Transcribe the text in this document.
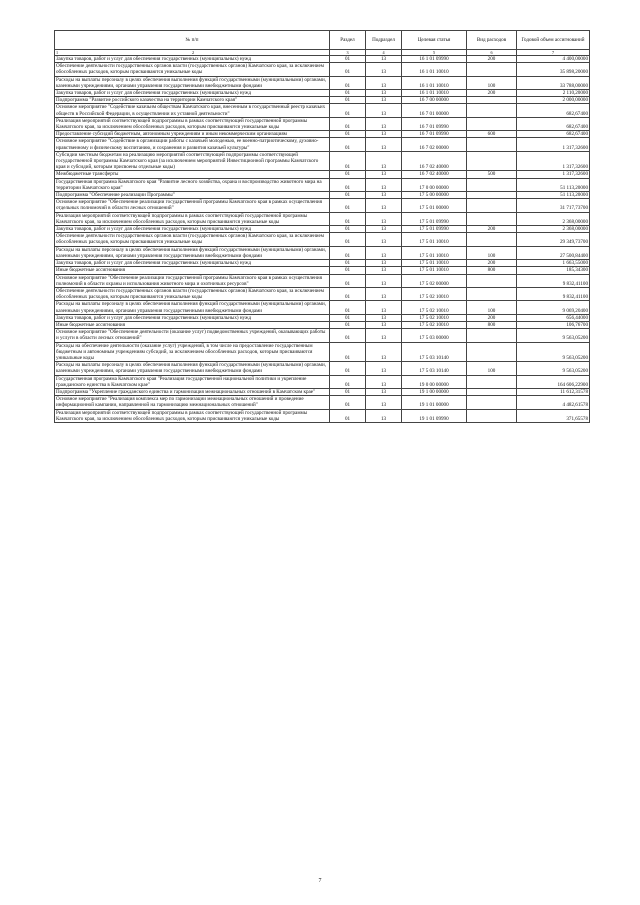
№ п/п	Раздел	Подраздел	Целевая статья	Вид расходов	Годовой объем ассигнований

1 2	3	4	5	6	7
Закупка товаров, работ и услуг для обеспечения государственных (муниципальных) нужд	01	13	16 1 01 09990	200	4 400,00000
Обеспечение деятельности государственных органов власти (государственных органов) Камчатского края, за исключением обособленных расходов, которым присваиваются уникальные коды	01	13	16 1 01 10010		35 898,20000
Расходы на выплаты персоналу в целях обеспечения выполнения функций государственными (муниципальными) органами, казенными учреждениями, органами управления государственными внебюджетными фондами	01	13	16 1 01 10010	100	33 788,00000
Закупка товаров, работ и услуг для обеспечения государственных (муниципальных) нужд	01	13	16 1 01 10010	200	2 110,20000
Подпрограмма "Развитие российского казачества на территории Камчатского края"	01	13	16 7 00 00000		2 000,00000
Основное мероприятие "Содействие казачьим обществам Камчатского края, внесенным в государственный реестр казачьих обществ в Российской Федерации, в осуществлении их уставной деятельности"	01	13	16 7 01 00000		682,67400
Реализация мероприятий соответствующей подпрограммы в рамках соответствующей государственной программы Камчатского края, за исключением обособленных расходов, которым присваиваются уникальные коды	01	13	16 7 01 09990		682,67400
Предоставление субсидий бюджетным, автономным учреждениям и иным некоммерческим организациям	01	13	16 7 01 09990	600	682,67400
Основное мероприятие "Содействие в организации работы с казачьей молодежью, ее военно-патриотическому, духовно-нравственному и физическому воспитанию, и сохранения и развития казачьей культуры"	01	13	16 7 02 00000		1 317,32600
Субсидии местным бюджетам на реализацию мероприятий соответствующей подпрограммы соответствующей государственной программы Камчатского края (за исключением мероприятий Инвестиционной программы Камчатского края и субсидий, которым присвоены отдельные коды)	01	13	16 7 02 40000		1 317,32600
Межбюджетные трансферты	01	13	16 7 02 40000	500	1 317,32600
Государственная программа Камчатского края "Развитие лесного хозяйства, охрана и воспроизводство животного мира на территории Камчатского края"	01	13	17 0 00 00000		51 113,20000
Подпрограмма "Обеспечение реализации Программы"	01	13	17 5 00 00000		51 113,20000
Основное мероприятие "Обеспечение реализации государственной программы Камчатского края в рамках осуществления отдельных полномочий в области лесных отношений"	01	13	17 5 01 00000		31 717,73700
Реализация мероприятий соответствующей подпрограммы в рамках соответствующей государственной программы Камчатского края, за исключением обособленных расходов, которым присваиваются уникальные коды	01	13	17 5 01 09990		2 368,00000
Закупка товаров, работ и услуг для обеспечения государственных (муниципальных) нужд	01	13	17 5 01 09990	200	2 368,00000
Обеспечение деятельности государственных органов власти (государственных органов) Камчатского края, за исключением обособленных расходов, которым присваиваются уникальные коды	01	13	17 5 01 10010		29 349,73700
Расходы на выплаты персоналу в целях обеспечения выполнения функций государственными (муниципальными) органами, казенными учреждениями, органами управления государственными внебюджетными фондами	01	13	17 5 01 10010	100	27 500,84400
Закупка товаров, работ и услуг для обеспечения государственных (муниципальных) нужд	01	13	17 5 01 10010	200	1 663,55000
Иные бюджетные ассигнования	01	13	17 5 01 10010	800	185,34300
Основное мероприятие "Обеспечение реализации государственной программы Камчатского края в рамках осуществления полномочий в области охраны и использования животного мира и охотничьих ресурсов"	01	13	17 5 02 00000		9 832,41100
Обеспечение деятельности государственных органов власти (государственных органов) Камчатского края, за исключением обособленных расходов, которым присваиваются уникальные коды	01	13	17 5 02 10010		9 832,41100
Расходы на выплаты персоналу в целях обеспечения выполнения функций государственными (муниципальными) органами, казенными учреждениями, органами управления государственными внебюджетными фондами	01	13	17 5 02 10010	100	9 069,20400
Закупка товаров, работ и услуг для обеспечения государственных (муниципальных) нужд	01	13	17 5 02 10010	200	656,44000
Иные бюджетные ассигнования	01	13	17 5 02 10010	800	106,76700
Основное мероприятие "Обеспечение деятельности (оказание услуг) подведомственных учреждений, оказывающих работы и услуги в области лесных отношений"	01	13	17 5 03 00000		9 563,05200
Расходы на обеспечение деятельности (оказание услуг) учреждений, в том числе на предоставление государственным бюджетным и автономным учреждениям субсидий, за исключением обособленных расходов, которым присваиваются уникальные коды	01	13	17 5 03 10140		9 563,05200
Расходы на выплаты персоналу в целях обеспечения выполнения функций государственными (муниципальными) органами, казенными учреждениями, органами управления государственными внебюджетными фондами	01	13	17 5 03 10140	100	9 563,05200
Государственная программа Камчатского края "Реализация государственной национальной политики и укрепление гражданского единства в Камчатском крае"	01	13	19 0 00 00000		164 606,22900
Подпрограмма "Укрепление гражданского единства и гармонизация межнациональных отношений в Камчатском крае"	01	13	19 1 00 00000		11 612,31578
Основное мероприятие "Реализация комплекса мер по гармонизации межнациональных отношений и проведение информационной кампании, направленной на гармонизацию межнациональных отношений"	01	13	19 1 01 00000		4 482,61578
Реализация мероприятий соответствующей подпрограммы в рамках соответствующей государственной программы Камчатского края, за исключением обособленных расходов, которым присваиваются уникальные коды	01	13	19 1 01 09990		371,65578
7
